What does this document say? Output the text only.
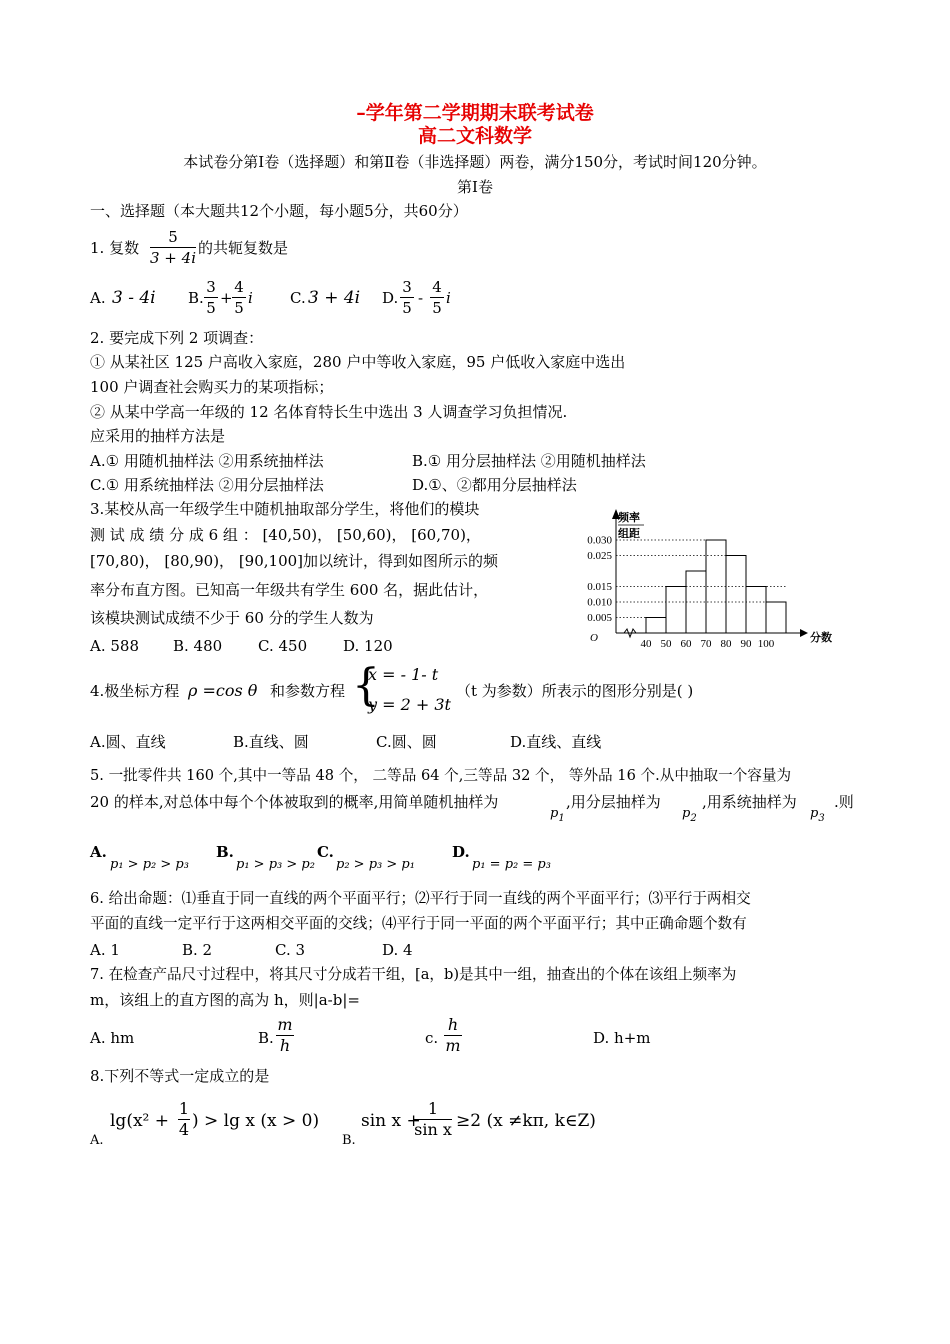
–学年第二学期期末联考试卷
高二文科数学
本试卷分第Ⅰ卷（选择题）和第Ⅱ卷（非选择题）两卷，满分150分，考试时间120分钟。
第Ⅰ卷
一、选择题（本大题共12个小题，每小题5分，共60分）
1. 复数
5
3 + 4i
的共轭复数是
A. 3 - 4i B.
3
5
+
4
5
i C. 3 + 4i D.
3
5
-
4
5
i
2. 要完成下列 2 项调查：
① 从某社区 125 户高收入家庭，280 户中等收入家庭，95 户低收入家庭中选出
100 户调查社会购买力的某项指标；
② 从某中学高一年级的 12 名体育特长生中选出 3 人调查学习负担情况.
应采用的抽样方法是
A.① 用随机抽样法 ②用系统抽样法	B.① 用分层抽样法 ②用随机抽样法
C.① 用系统抽样法 ②用分层抽样法	D.①、②都用分层抽样法
3.某校从高一年级学生中随机抽取部分学生，将他们的模块
测 试 成 绩 分 成 6 组 ： [40,50)， [50,60)， [60,70)，
[70,80)， [80,90)， [90,100]加以统计，得到如图所示的频
率分布直方图。已知高一年级共有学生 600 名，据此估计，
该模块测试成绩不少于 60 分的学生人数为
A. 588 B. 480 C. 450 D. 120
0.005
0.010
0.015
0.025
0.030
40 50 60 70 80 90 100
O	分数
频率
组距
4.极坐标方程 ρ =cos θ 和参数方程 {
x = - 1- t
y = 2 + 3t
（t 为参数）所表示的图形分别是( )
A.圆、直线	B.直线、圆	C.圆、圆	D.直线、直线
5. 一批零件共 160 个,其中一等品 48 个， 二等品 64 个,三等品 32 个， 等外品 16 个.从中抽取一个容量为
20 的样本,对总体中每个个体被取到的概率,用简单随机抽样为
$p_1$
,用分层抽样为
$p_2$
,用系统抽样为
$p_3$
.则
A.
p₁ > p₂ > p₃
B.
p₁ > p₃ > p₂
C.
p₂ > p₃ > p₁
D.
p₁ = p₂ = p₃
6. 给出命题：⑴垂直于同一直线的两个平面平行；⑵平行于同一直线的两个平面平行；⑶平行于两相交
平面的直线一定平行于这两相交平面的交线；⑷平行于同一平面的两个平面平行；其中正确命题个数有
A. 1	B. 2	C. 3	D. 4
7. 在检查产品尺寸过程中，将其尺寸分成若干组，[a，b)是其中一组，抽查出的个体在该组上频率为
m，该组上的直方图的高为 h，则|a-b|=
A. hm	B.
m
h	c.
h
m	D. h+m
8.下列不等式一定成立的是
lg(x² +
1
4 ) > lg x (x > 0)
A.
sin x +
1
sin x ≥2 (x ≠kπ, k∈Z)
B.
